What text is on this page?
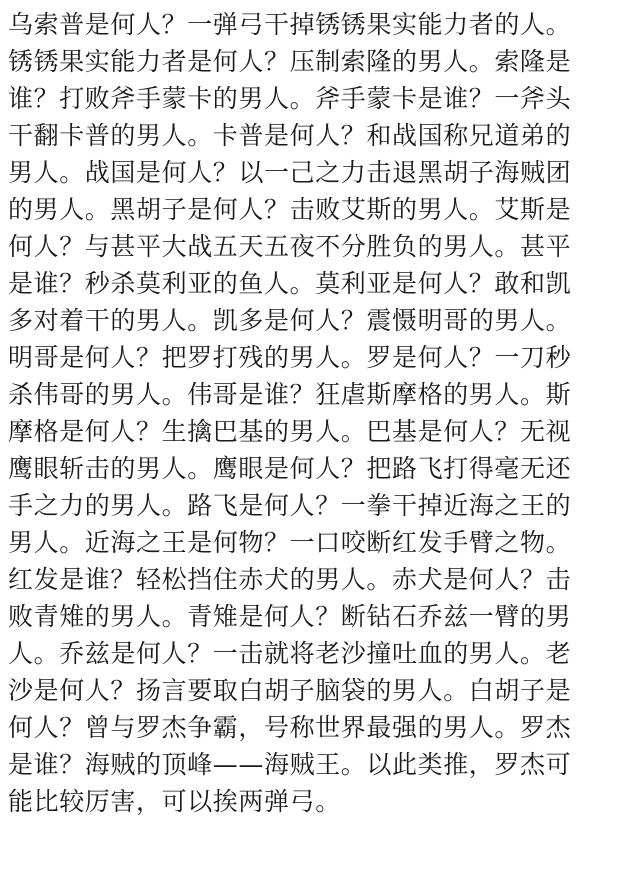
乌索普是何人？一弹弓干掉锈锈果实能力者的人。
锈锈果实能力者是何人？压制索隆的男人。索隆是
谁？打败斧手蒙卡的男人。斧手蒙卡是谁？一斧头
干翻卡普的男人。卡普是何人？和战国称兄道弟的
男人。战国是何人？以一己之力击退黑胡子海贼团
的男人。黑胡子是何人？击败艾斯的男人。艾斯是
何人？与甚平大战五天五夜不分胜负的男人。甚平
是谁？秒杀莫利亚的鱼人。莫利亚是何人？敢和凯
多对着干的男人。凯多是何人？震慑明哥的男人。
明哥是何人？把罗打残的男人。罗是何人？一刀秒
杀伟哥的男人。伟哥是谁？狂虐斯摩格的男人。斯
摩格是何人？生擒巴基的男人。巴基是何人？无视
鹰眼斩击的男人。鹰眼是何人？把路飞打得毫无还
手之力的男人。路飞是何人？一拳干掉近海之王的
男人。近海之王是何物？一口咬断红发手臂之物。
红发是谁？轻松挡住赤犬的男人。赤犬是何人？击
败青雉的男人。青雉是何人？断钻石乔兹一臂的男
人。乔兹是何人？一击就将老沙撞吐血的男人。老
沙是何人？扬言要取白胡子脑袋的男人。白胡子是
何人？曾与罗杰争霸，号称世界最强的男人。罗杰
是谁？海贼的顶峰——海贼王。以此类推，罗杰可
能比较厉害，可以挨两弹弓。
